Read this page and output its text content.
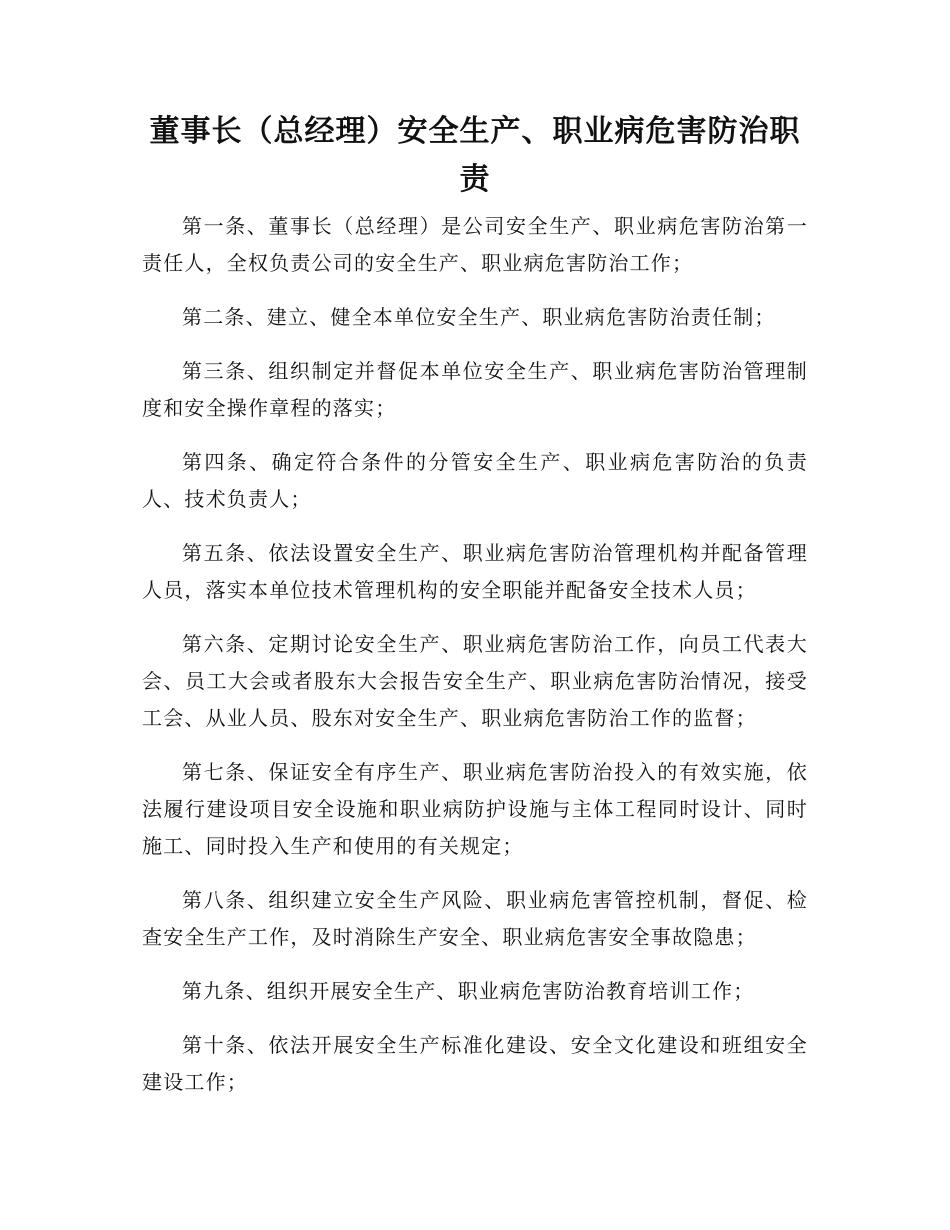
董事长（总经理）安全生产、职业病危害防治职责

第一条、董事长（总经理）是公司安全生产、职业病危害防治第一责任人，全权负责公司的安全生产、职业病危害防治工作；

第二条、建立、健全本单位安全生产、职业病危害防治责任制；

第三条、组织制定并督促本单位安全生产、职业病危害防治管理制度和安全操作章程的落实；

第四条、确定符合条件的分管安全生产、职业病危害防治的负责人、技术负责人；

第五条、依法设置安全生产、职业病危害防治管理机构并配备管理人员，落实本单位技术管理机构的安全职能并配备安全技术人员；

第六条、定期讨论安全生产、职业病危害防治工作，向员工代表大会、员工大会或者股东大会报告安全生产、职业病危害防治情况，接受工会、从业人员、股东对安全生产、职业病危害防治工作的监督；

第七条、保证安全有序生产、职业病危害防治投入的有效实施，依法履行建设项目安全设施和职业病防护设施与主体工程同时设计、同时施工、同时投入生产和使用的有关规定；

第八条、组织建立安全生产风险、职业病危害管控机制，督促、检查安全生产工作，及时消除生产安全、职业病危害安全事故隐患；

第九条、组织开展安全生产、职业病危害防治教育培训工作；

第十条、依法开展安全生产标准化建设、安全文化建设和班组安全建设工作；
